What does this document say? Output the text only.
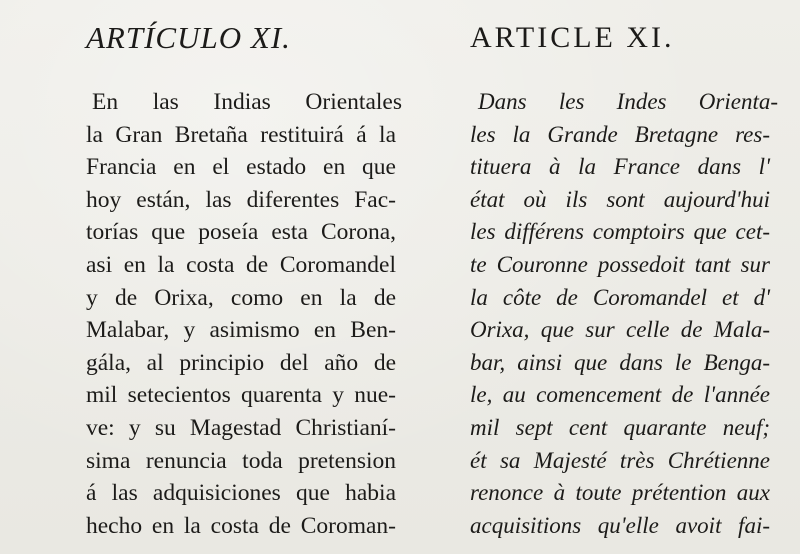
ARTÍCULO XI.
En las Indias Orientales
la Gran Bretaña restituirá á la
Francia en el estado en que
hoy están, las diferentes Fac-
torías que poseía esta Corona,
asi en la costa de Coromandel
y de Orixa, como en la de
Malabar, y asimismo en Ben-
gála, al principio del año de
mil setecientos quarenta y nue-
ve: y su Magestad Christianí-
sima renuncia toda pretension
á las adquisiciones que habia
hecho en la costa de Coroman-
ARTICLE XI.
Dans les Indes Orienta-
les la Grande Bretagne res-
tituera à la France dans l'
état où ils sont aujourd'hui
les différens comptoirs que cet-
te Couronne possedoit tant sur
la côte de Coromandel et d'
Orixa, que sur celle de Mala-
bar, ainsi que dans le Benga-
le, au comencement de l'année
mil sept cent quarante neuf;
ét sa Majesté très Chrétienne
renonce à toute prétention aux
acquisitions qu'elle avoit fai-
